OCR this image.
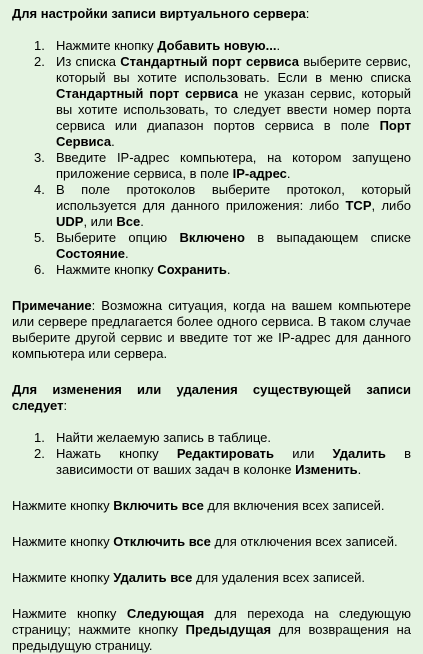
Для настройки записи виртуального сервера:

1. Нажмите кнопку Добавить новую....
2. Из списка Стандартный порт сервиса выберите сервис, который вы хотите использовать. Если в меню списка Стандартный порт сервиса не указан сервис, который вы хотите использовать, то следует ввести номер порта сервиса или диапазон портов сервиса в поле Порт Сервиса.
3. Введите IP-адрес компьютера, на котором запущено приложение сервиса, в поле IP-адрес.
4. В поле протоколов выберите протокол, который используется для данного приложения: либо TCP, либо UDP, или Все.
5. Выберите опцию Включено в выпадающем списке Состояние.
6. Нажмите кнопку Сохранить.

Примечание: Возможна ситуация, когда на вашем компьютере или сервере предлагается более одного сервиса. В таком случае выберите другой сервис и введите тот же IP-адрес для данного компьютера или сервера.

Для изменения или удаления существующей записи следует:

1. Найти желаемую запись в таблице.
2. Нажать кнопку Редактировать или Удалить в зависимости от ваших задач в колонке Изменить.

Нажмите кнопку Включить все для включения всех записей.

Нажмите кнопку Отключить все для отключения всех записей.

Нажмите кнопку Удалить все для удаления всех записей.

Нажмите кнопку Следующая для перехода на следующую страницу; нажмите кнопку Предыдущая для возвращения на предыдущую страницу.
